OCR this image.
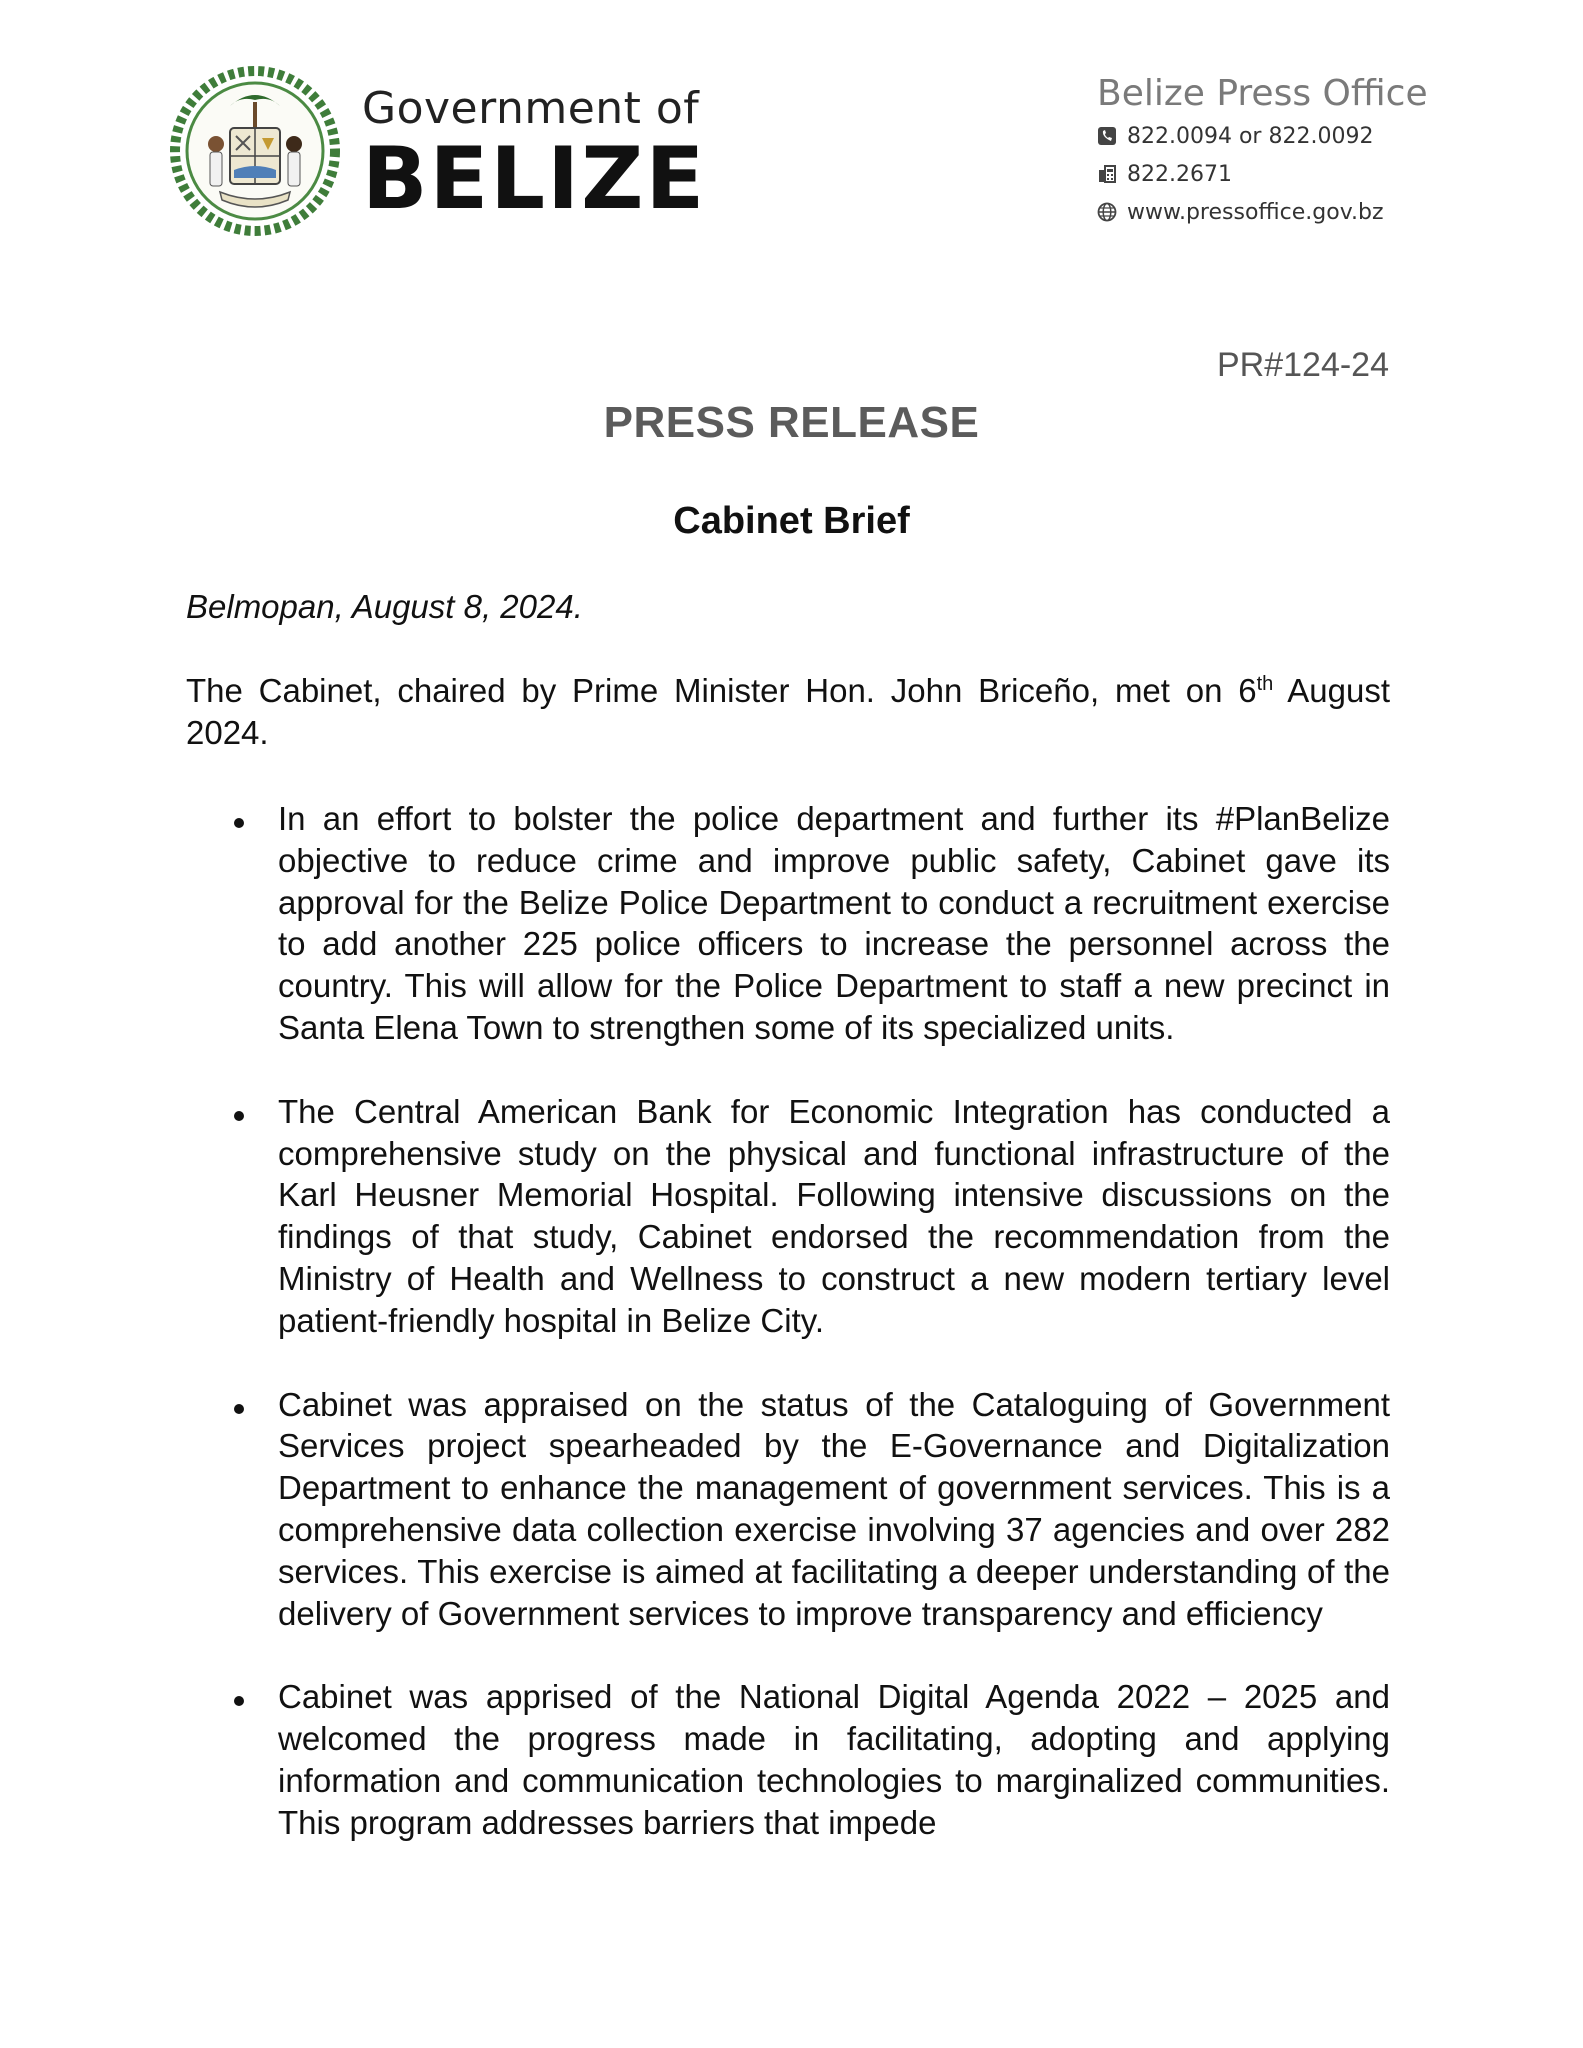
Government of
BELIZE
Belize Press Office
822.0094 or 822.0092
822.2671
www.pressoffice.gov.bz
PR#124-24
PRESS RELEASE
Cabinet Brief
Belmopan, August 8, 2024.
The Cabinet, chaired by Prime Minister Hon. John Briceño, met on 6th August 2024.
In an effort to bolster the police department and further its #PlanBelize objective to reduce crime and improve public safety, Cabinet gave its approval for the Belize Police Department to conduct a recruitment exercise to add another 225 police officers to increase the personnel across the country. This will allow for the Police Department to staff a new precinct in Santa Elena Town to strengthen some of its specialized units.
The Central American Bank for Economic Integration has conducted a comprehensive study on the physical and functional infrastructure of the Karl Heusner Memorial Hospital. Following intensive discussions on the findings of that study, Cabinet endorsed the recommendation from the Ministry of Health and Wellness to construct a new modern tertiary level patient-friendly hospital in Belize City.
Cabinet was appraised on the status of the Cataloguing of Government Services project spearheaded by the E-Governance and Digitalization Department to enhance the management of government services. This is a comprehensive data collection exercise involving 37 agencies and over 282 services. This exercise is aimed at facilitating a deeper understanding of the delivery of Government services to improve transparency and efficiency
Cabinet was apprised of the National Digital Agenda 2022 – 2025 and welcomed the progress made in facilitating, adopting and applying information and communication technologies to marginalized communities. This program addresses barriers that impede
